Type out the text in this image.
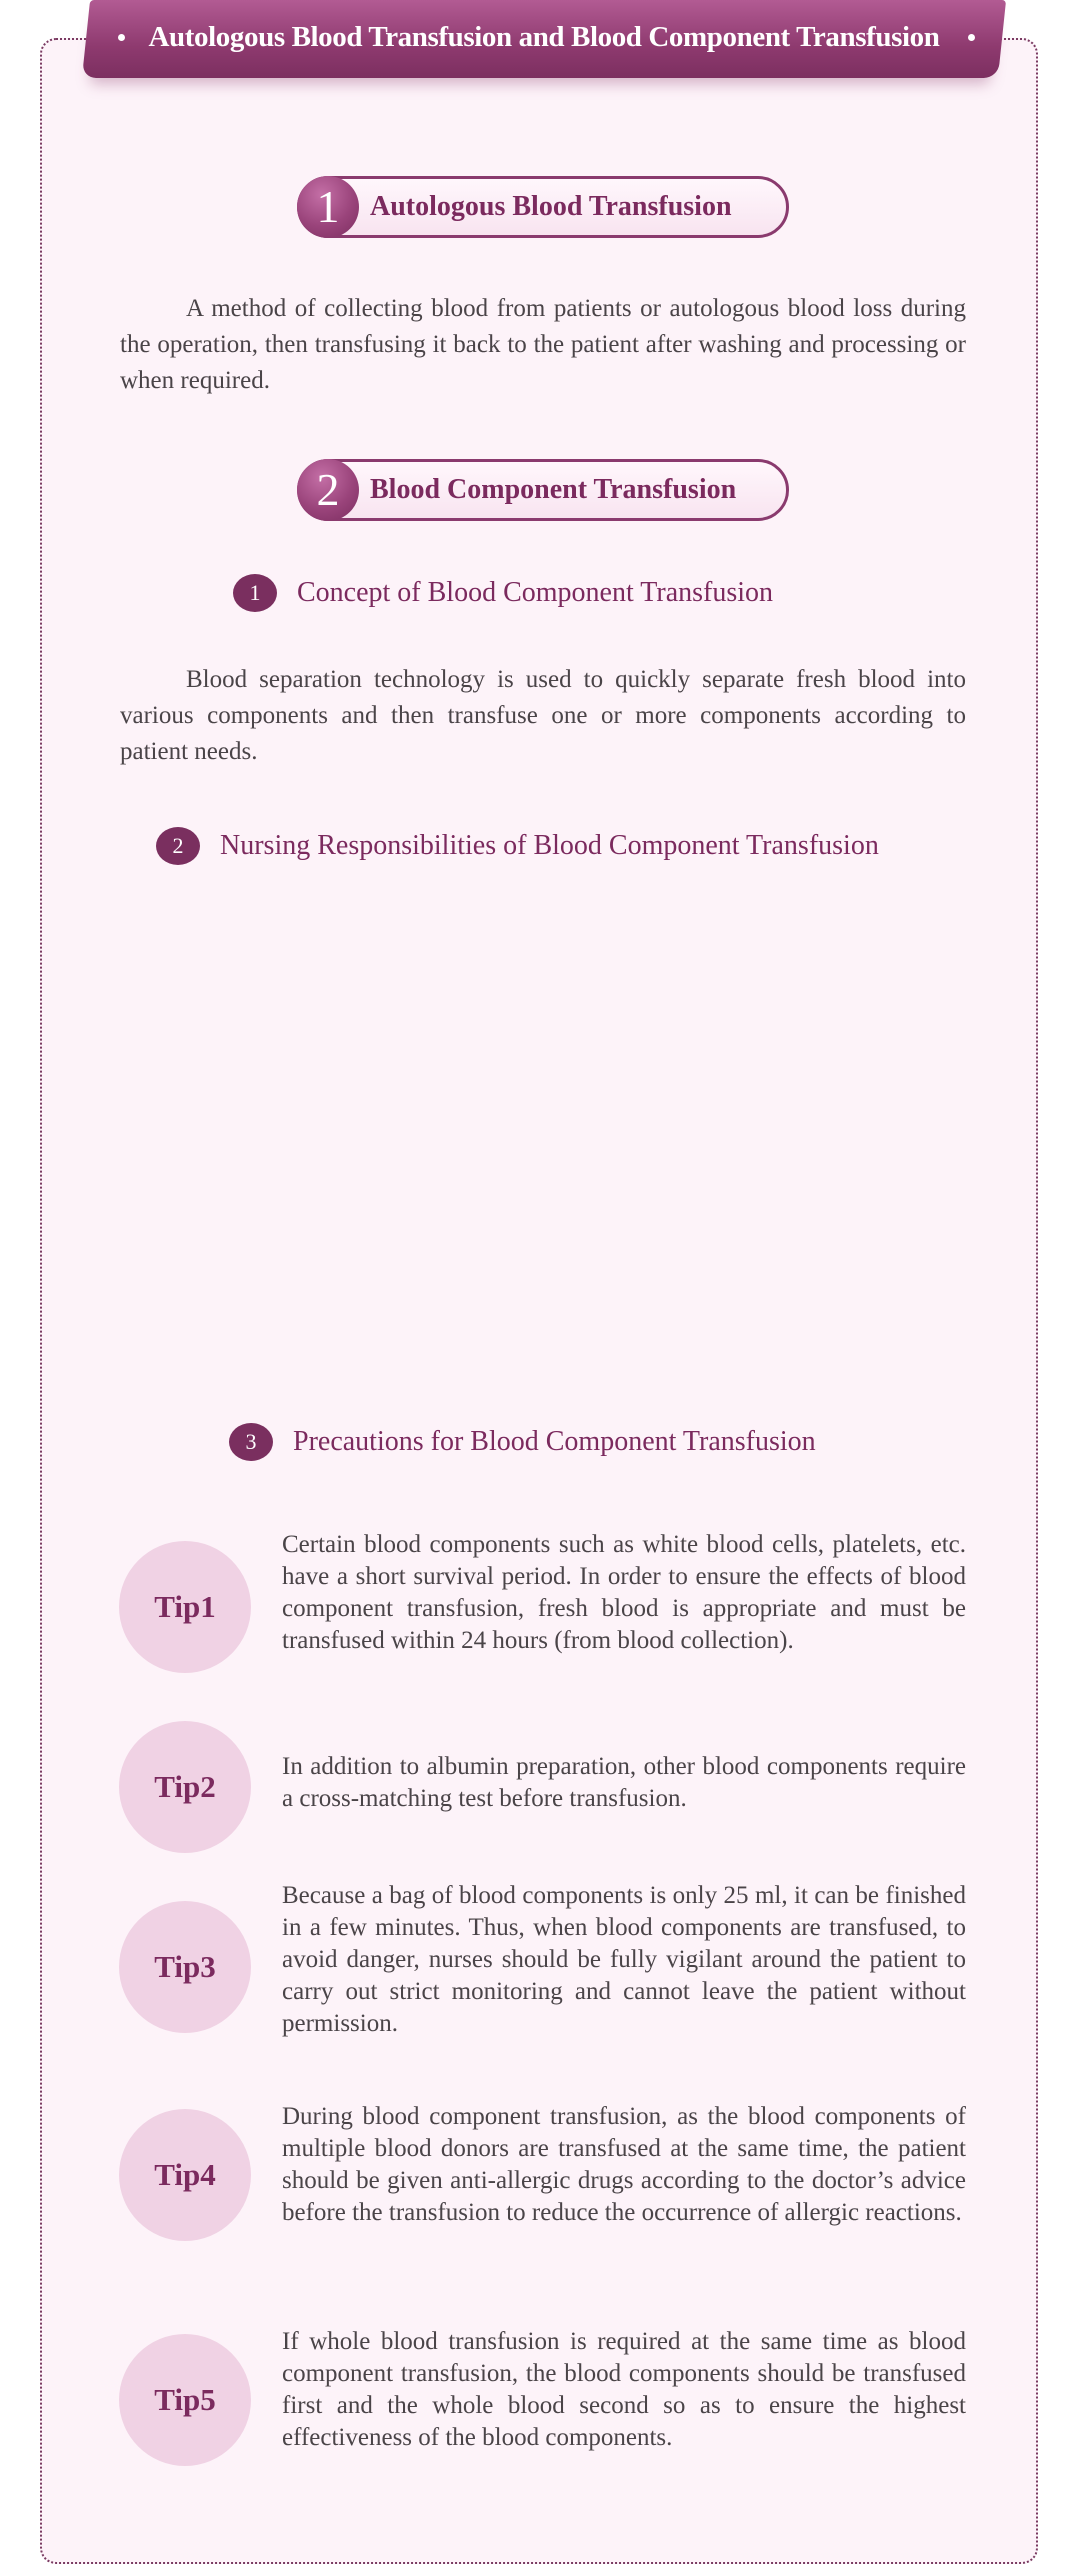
Autologous Blood Transfusion and Blood Component Transfusion
1	Autologous Blood Transfusion

A method of collecting blood from patients or autologous blood loss during the operation, then transfusing it back to the patient after washing and processing or when required.

2	Blood Component Transfusion
1	Concept of Blood Component Transfusion

Blood separation technology is used to quickly separate fresh blood into various components and then transfuse one or more components according to patient needs.

2	Nursing Responsibilities of Blood Component Transfusion
3	Precautions for Blood Component Transfusion
Tip1

Certain blood components such as white blood cells, platelets, etc. have a short survival period. In order to ensure the effects of blood component transfusion, fresh blood is appropriate and must be transfused within 24 hours (from blood collection).

Tip2

In addition to albumin preparation, other blood components require a cross-matching test before transfusion.

Tip3

Because a bag of blood components is only 25 ml, it can be finished in a few minutes. Thus, when blood components are transfused, to avoid danger, nurses should be fully vigilant around the patient to carry out strict monitoring and cannot leave the patient without permission.

Tip4

During blood component transfusion, as the blood components of multiple blood donors are transfused at the same time, the patient should be given anti-allergic drugs according to the doctor’s advice before the transfusion to reduce the occurrence of allergic reactions.

Tip5

If whole blood transfusion is required at the same time as blood component transfusion, the blood components should be transfused first and the whole blood second so as to ensure the highest effectiveness of the blood components.
